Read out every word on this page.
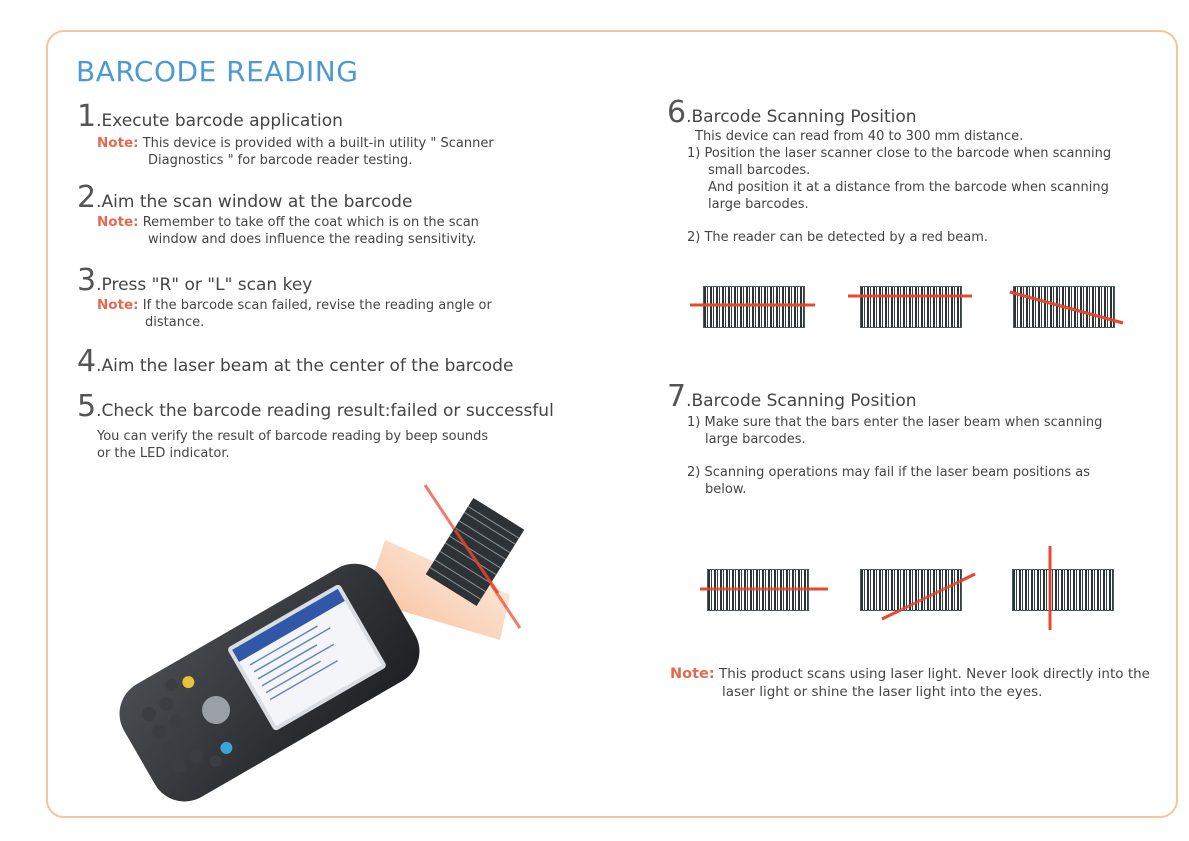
BARCODE READING
1.Execute barcode application
Note: This device is provided with a built-in utility " Scanner
Diagnostics " for barcode reader testing.
2.Aim the scan window at the barcode
Note: Remember to take off the coat which is on the scan
window and does influence the reading sensitivity.
3.Press "R" or "L" scan key
Note: If the barcode scan failed, revise the reading angle or
distance.
4.Aim the laser beam at the center of the barcode
5.Check the barcode reading result:failed or successful
You can verify the result of barcode reading by beep sounds
or the LED indicator.
6.Barcode Scanning Position
This device can read from 40 to 300 mm distance.
1) Position the laser scanner close to the barcode when scanning
small barcodes.
And position it at a distance from the barcode when scanning
large barcodes.
2) The reader can be detected by a red beam.
7.Barcode Scanning Position
1) Make sure that the bars enter the laser beam when scanning
large barcodes.
2) Scanning operations may fail if the laser beam positions as
below.
Note: This product scans using laser light. Never look directly into the
laser light or shine the laser light into the eyes.
